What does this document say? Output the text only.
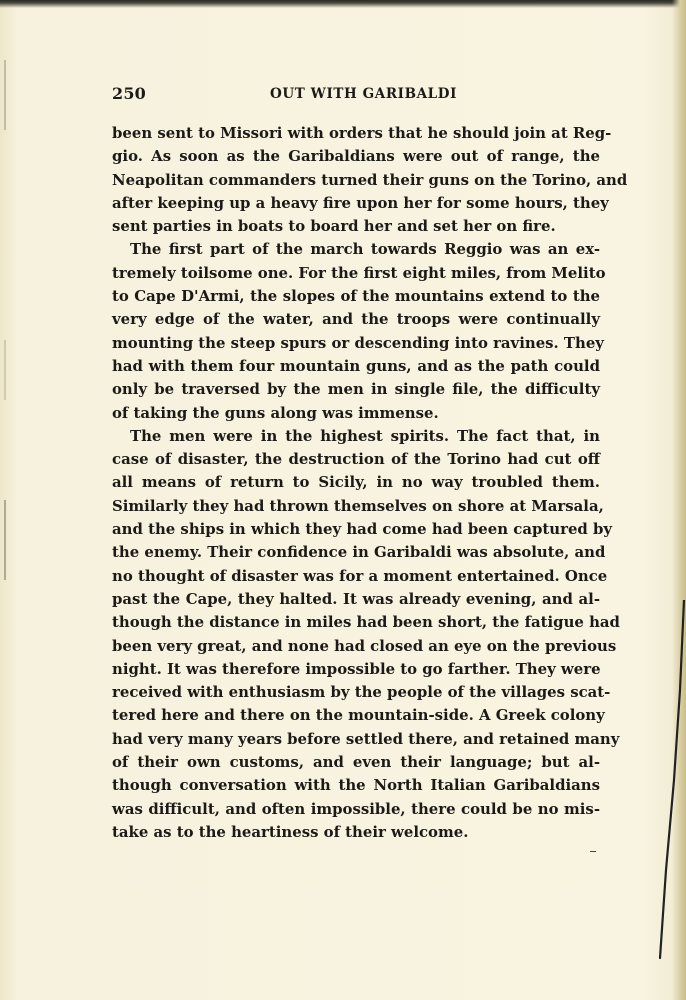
250	OUT WITH GARIBALDI
been sent to Missori with orders that he should join at Reg-
gio. As soon as the Garibaldians were out of range, the
Neapolitan commanders turned their guns on the Torino, and
after keeping up a heavy fire upon her for some hours, they
sent parties in boats to board her and set her on fire.
The first part of the march towards Reggio was an ex-
tremely toilsome one. For the first eight miles, from Melito
to Cape D'Armi, the slopes of the mountains extend to the
very edge of the water, and the troops were continually
mounting the steep spurs or descending into ravines. They
had with them four mountain guns, and as the path could
only be traversed by the men in single file, the difficulty
of taking the guns along was immense.
The men were in the highest spirits. The fact that, in
case of disaster, the destruction of the Torino had cut off
all means of return to Sicily, in no way troubled them.
Similarly they had thrown themselves on shore at Marsala,
and the ships in which they had come had been captured by
the enemy. Their confidence in Garibaldi was absolute, and
no thought of disaster was for a moment entertained. Once
past the Cape, they halted. It was already evening, and al-
though the distance in miles had been short, the fatigue had
been very great, and none had closed an eye on the previous
night. It was therefore impossible to go farther. They were
received with enthusiasm by the people of the villages scat-
tered here and there on the mountain-side. A Greek colony
had very many years before settled there, and retained many
of their own customs, and even their language; but al-
though conversation with the North Italian Garibaldians
was difficult, and often impossible, there could be no mis-
take as to the heartiness of their welcome.
